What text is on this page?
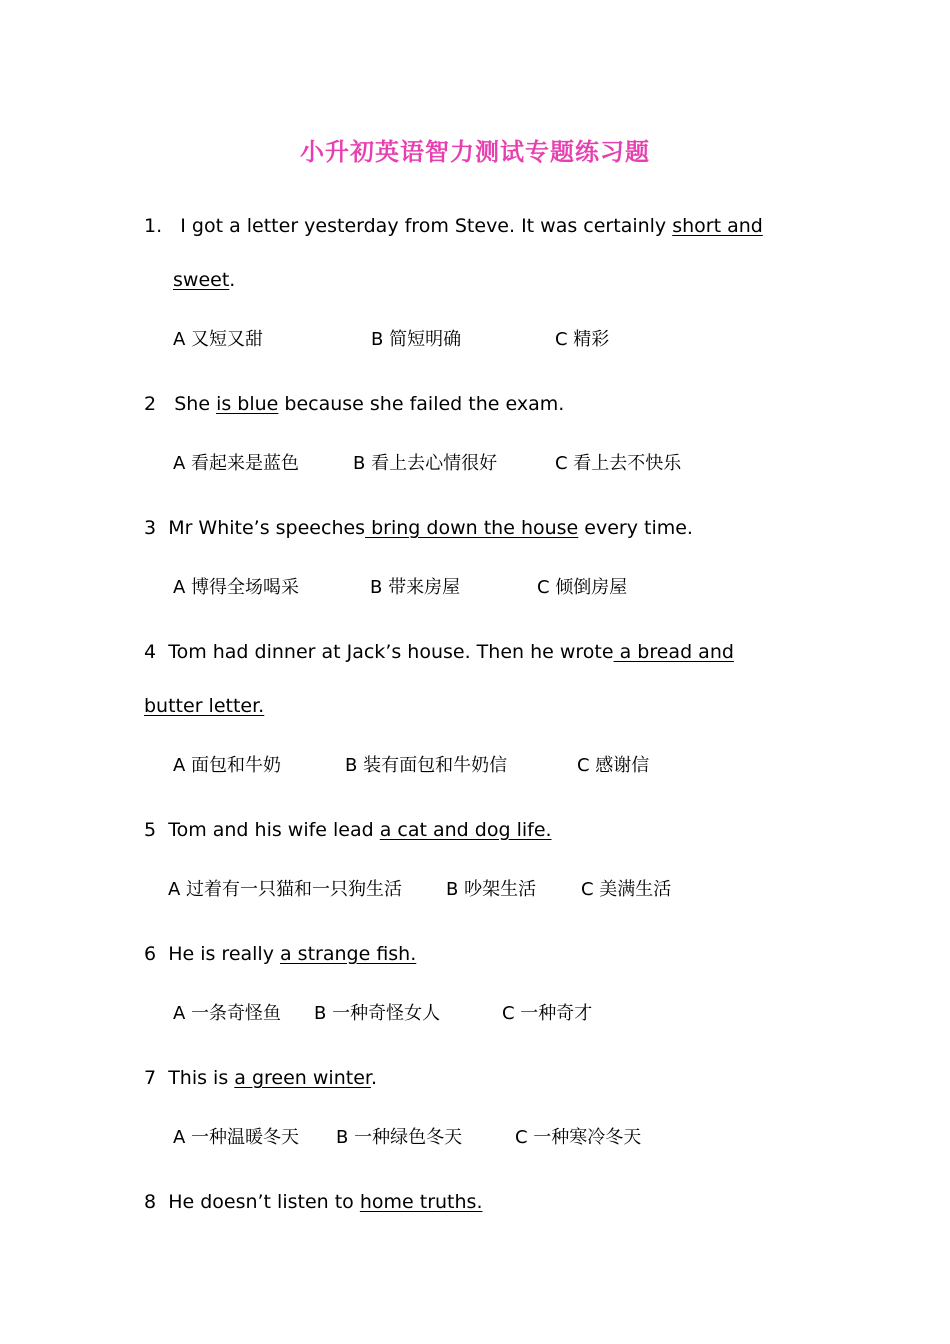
小升初英语智力测试专题练习题
1. I got a letter yesterday from Steve. It was certainly short and
sweet.
A 又短又甜	B 简短明确	C 精彩
2 She is blue because she failed the exam.
A 看起来是蓝色	B 看上去心情很好	C 看上去不快乐
3 Mr White’s speeches bring down the house every time.
A 博得全场喝采	B 带来房屋	C 倾倒房屋
4 Tom had dinner at Jack’s house. Then he wrote a bread and
butter letter.
A 面包和牛奶	B 装有面包和牛奶信	C 感谢信
5 Tom and his wife lead a cat and dog life.
A 过着有一只猫和一只狗生活 B 吵架生活 C 美满生活
6 He is really a strange fish.
A 一条奇怪鱼 B 一种奇怪女人	C 一种奇才
7 This is a green winter.
A 一种温暖冬天 B 一种绿色冬天	C 一种寒冷冬天
8 He doesn’t listen to home truths.
